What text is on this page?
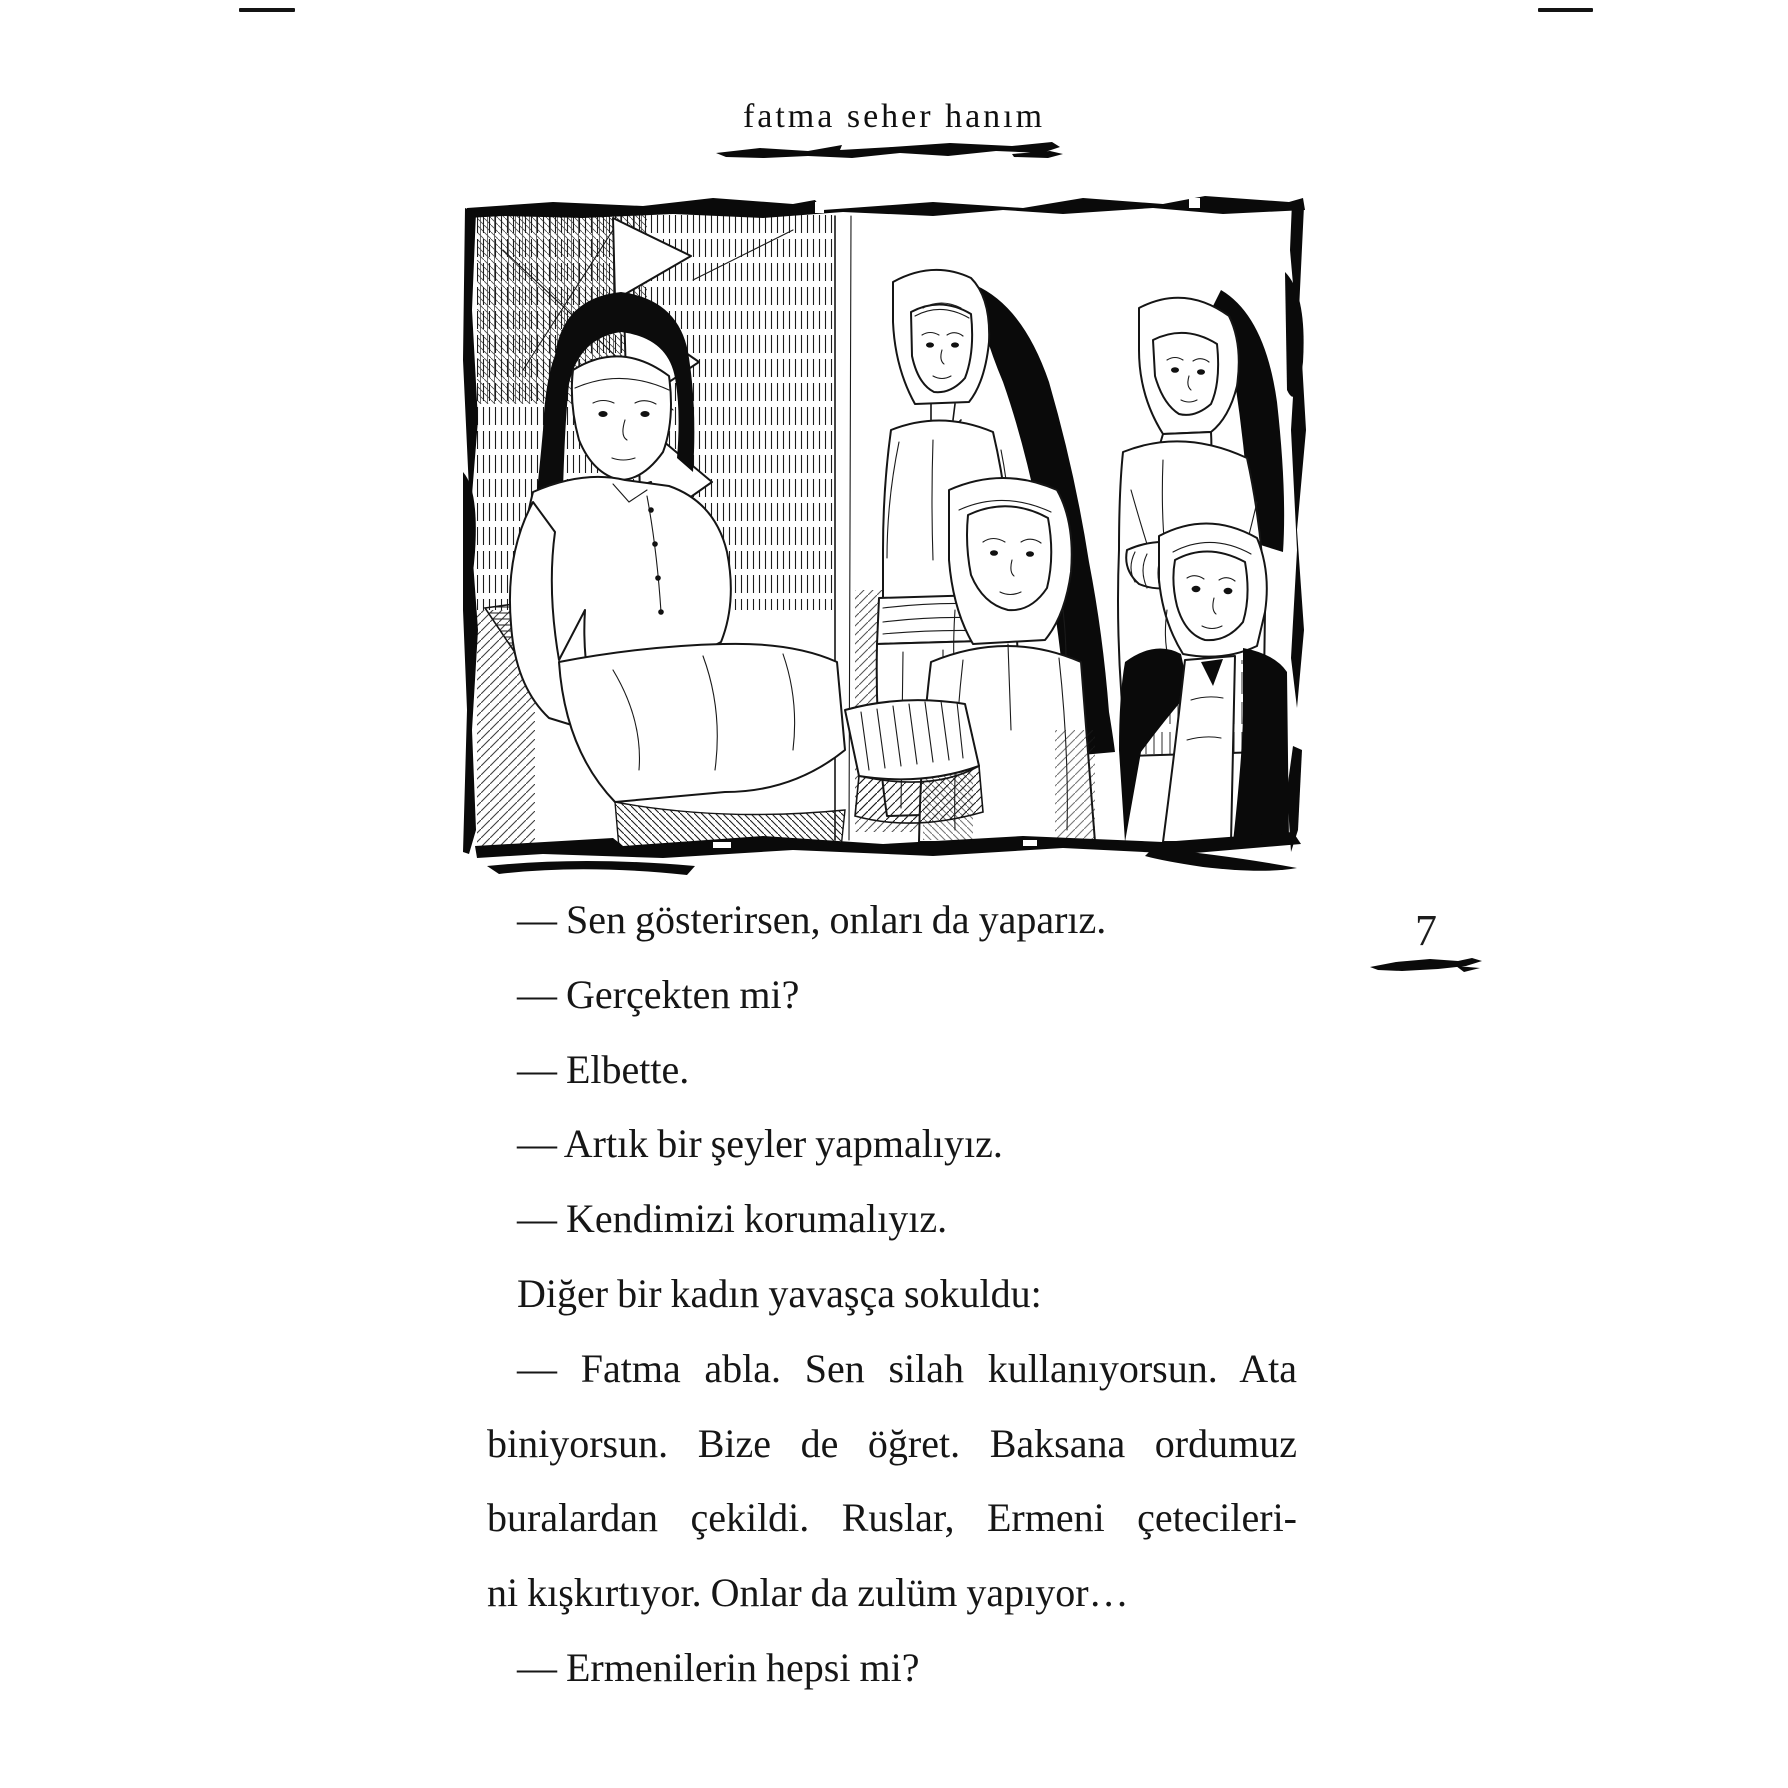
fatma seher hanım
7
— Sen gösterirsen, onları da yaparız.
— Gerçekten mi?
— Elbette.
— Artık bir şeyler yapmalıyız.
— Kendimizi korumalıyız.
Diğer bir kadın yavaşça sokuldu:
— Fatma abla. Sen silah kullanıyorsun. Ata
biniyorsun. Bize de öğret. Baksana ordumuz
buralardan çekildi. Ruslar, Ermeni çetecileri-
ni kışkırtıyor. Onlar da zulüm yapıyor…
— Ermenilerin hepsi mi?
